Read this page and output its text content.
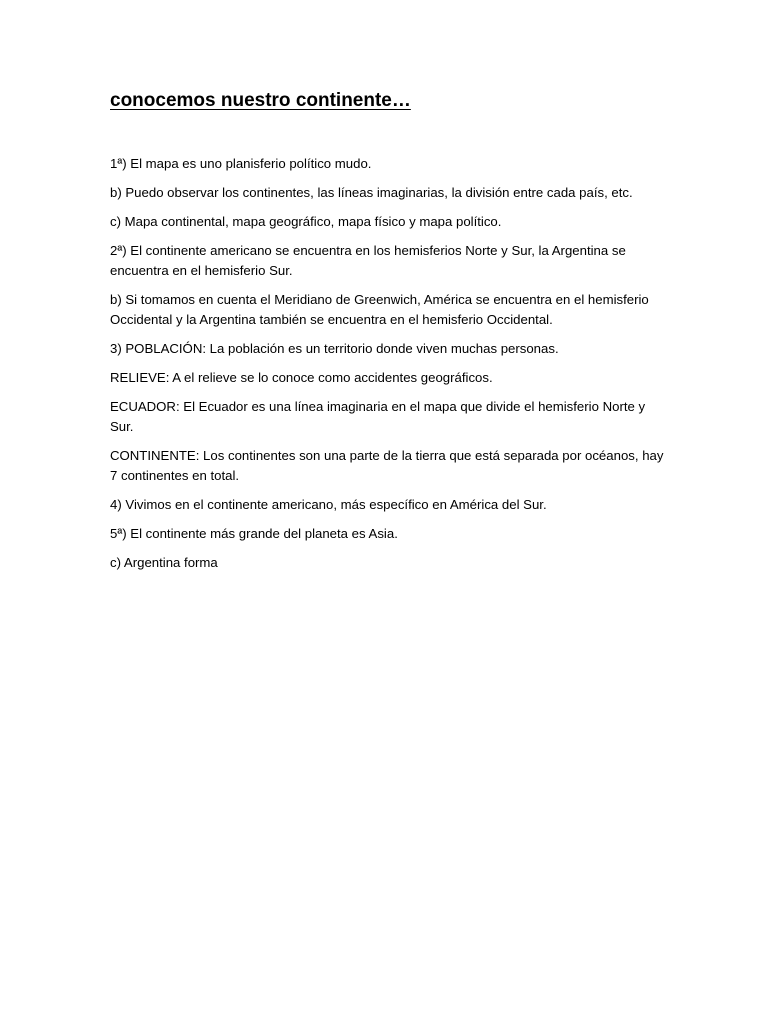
conocemos nuestro continente…

1ª) El mapa es uno planisferio político mudo.

b) Puedo observar los continentes, las líneas imaginarias, la división entre cada país, etc.

c) Mapa continental, mapa geográfico, mapa físico y mapa político.

2ª) El continente americano se encuentra en los hemisferios Norte y Sur, la Argentina se encuentra en el hemisferio Sur.

b) Si tomamos en cuenta el Meridiano de Greenwich, América se encuentra en el hemisferio Occidental y la Argentina también se encuentra en el hemisferio Occidental.

3) POBLACIÓN: La población es un territorio donde viven muchas personas.

RELIEVE: A el relieve se lo conoce como accidentes geográficos.

ECUADOR: El Ecuador es una línea imaginaria en el mapa que divide el hemisferio Norte y Sur.

CONTINENTE: Los continentes son una parte de la tierra que está separada por océanos, hay 7 continentes en total.

4) Vivimos en el continente americano, más específico en América del Sur.

5ª) El continente más grande del planeta es Asia.

c) Argentina forma
